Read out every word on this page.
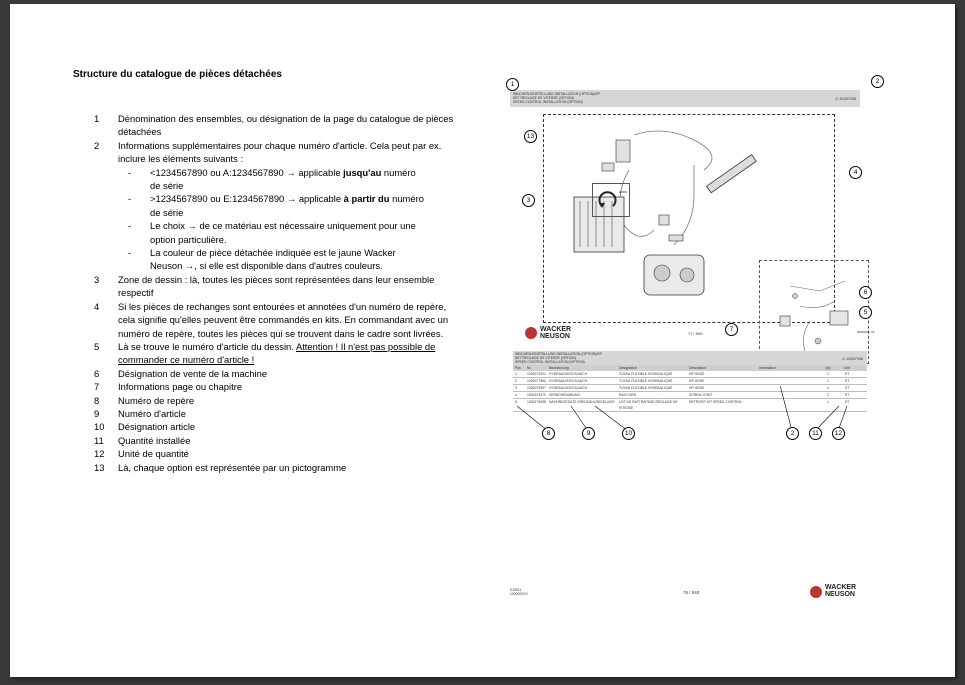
Structure du catalogue de pièces détachées
1	Dénomination des ensembles, ou désignation de la page du catalogue de pièces détachées
2	Informations supplémentaires pour chaque numéro d'article. Cela peut par ex. inclure les éléments suivants :
-	<1234567890 ou A:1234567890 → applicable jusqu'au numéro de série
-	>1234567890 ou E:1234567890 → applicable à partir du numéro de série
-	Le choix → de ce matériau est nécessaire uniquement pour une option particulière.
-	La couleur de pièce détachée indiquée est le jaune Wacker Neuson →, si elle est disponible dans d'autres couleurs.
3	Zone de dessin : là, toutes les pièces sont représentées dans leur ensemble respectif
4	Si les pièces de rechanges sont entourées et annotées d'un numéro de repère, cela signifie qu'elles peuvent être commandés en kits. En commandant avec un numéro de repère, toutes les pièces qui se trouvent dans le cadre sont livrées.
5	Là se trouve le numéro d'article du dessin. Attention ! Il n'est pas possible de commander ce numéro d'article !
6	Désignation de vente de la machine
7	Informations page ou chapitre
8	Numéro de repère
9	Numéro d'article
10	Désignation article
11	Quantité installée
12	Unité de quantité
13	Là, chaque option est représentée par un pictogramme
WEICHEN-EINSTELLUNG INSTALLATION (OPTION)/SP
SET REGLAGE DE VITESSE (OPTION)
SPEED CONTROL INSTALLATION (OPTION)
C 4020/768
1	2
kit/KS
13
3
4
6
5
7
WACKER
NEUSON	77 / 540	0000000 / 00
WEICHEN-EINSTELLUNG INSTALLATION (OPTION)/SP
SET REGLAGE DE VITESSE (OPTION)
SPEED CONTROL INSTALLATION (OPTION)
C 4020/768
Pos	Nr.	Bezeichnung	Désignation	Description	Information	Qty	Unit
1	1000071001 HYDRAULIKSCHLAUCH	TUYAU FLEXIBLE HYDRAULIQUE	HP HOSE	1	ST
2	1000077960 HYDRAULIKSCHLAUCH	TUYAU FLEXIBLE HYDRAULIQUE	HP HOSE	1	ST
3	1000079397 HYDRAULIKSCHLAUCH	TUYAU FLEXIBLE HYDRAULIQUE	HP HOSE	1	ST
4	1000123370 VERSCHRAUBUNG	RACCORD	SCREW JOINT	2	ST
5	1000178098 NACHRÜSTSATZ DREHZAHLREGELUNG	LOT DE RATTRAPAGE RÉGLAGE DE VITESSE
RETROFIT KIT SPEED CONTROL	1	ST
8	9	10	2	11	12
E15011
1000000XX	76 / 540
WACKER
NEUSON
